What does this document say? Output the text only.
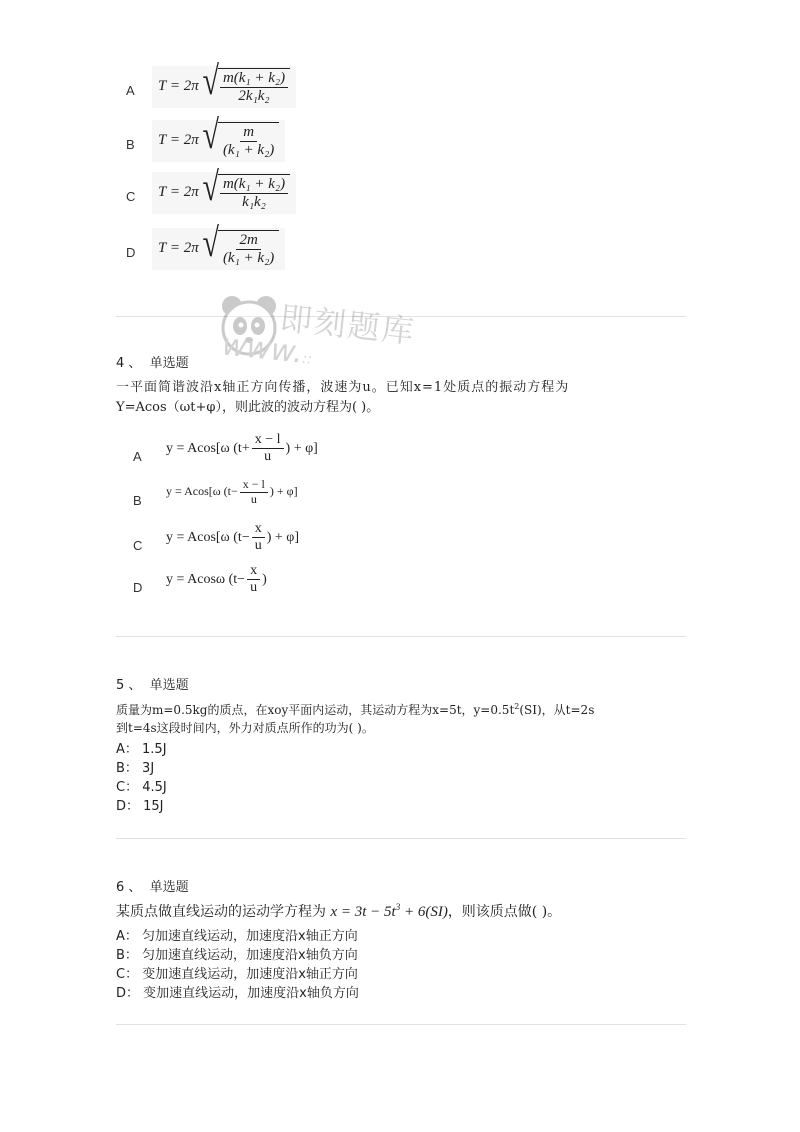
A	T = 2π √ $\frac{\text{m(k₁ + k₂)}}{\text{2k₁k₂}}$
B	T = 2π √ $\frac{m}{\text{(k₁ + k₂)}}$
C	T = 2π √ $\frac{\text{m(k₁ + k₂)}}{\text{k₁k₂}}$
D	T = 2π √ $\frac{2m}{\text{(k₁ + k₂)}}$
即刻题库
www.::
4 、 单选题
一平面简谐波沿x轴正方向传播，波速为u。已知x=1处质点的振动方程为
Y=Acos（ωt+φ），则此波的波动方程为( )。
A
y = Acos[ω ($t+ \frac{x - l}{u}$ ) + φ]
B
y = Acos[ω ($t- \frac{x - l}{u}$ ) + φ]
C
y = Acos[ω ($t- \frac{x}{u}$ ) + φ]
D
y = Acosω ($t- \frac{x}{u}$ )
5 、 单选题
质量为m=0.5kg的质点，在xoy平面内运动，其运动方程为x=5t，$y=0.5t^2(SI)$，从t=2s
到t=4s这段时间内，外力对质点所作的功为( )。
A： 1.5J
B： 3J
C： 4.5J
D： 15J
6 、 单选题
某质点做直线运动的运动学方程为 $x = 3t - 5t^3 + 6(SI)$，则该质点做( )。
A： 匀加速直线运动，加速度沿x轴正方向
B： 匀加速直线运动，加速度沿x轴负方向
C： 变加速直线运动，加速度沿x轴正方向
D： 变加速直线运动，加速度沿x轴负方向
